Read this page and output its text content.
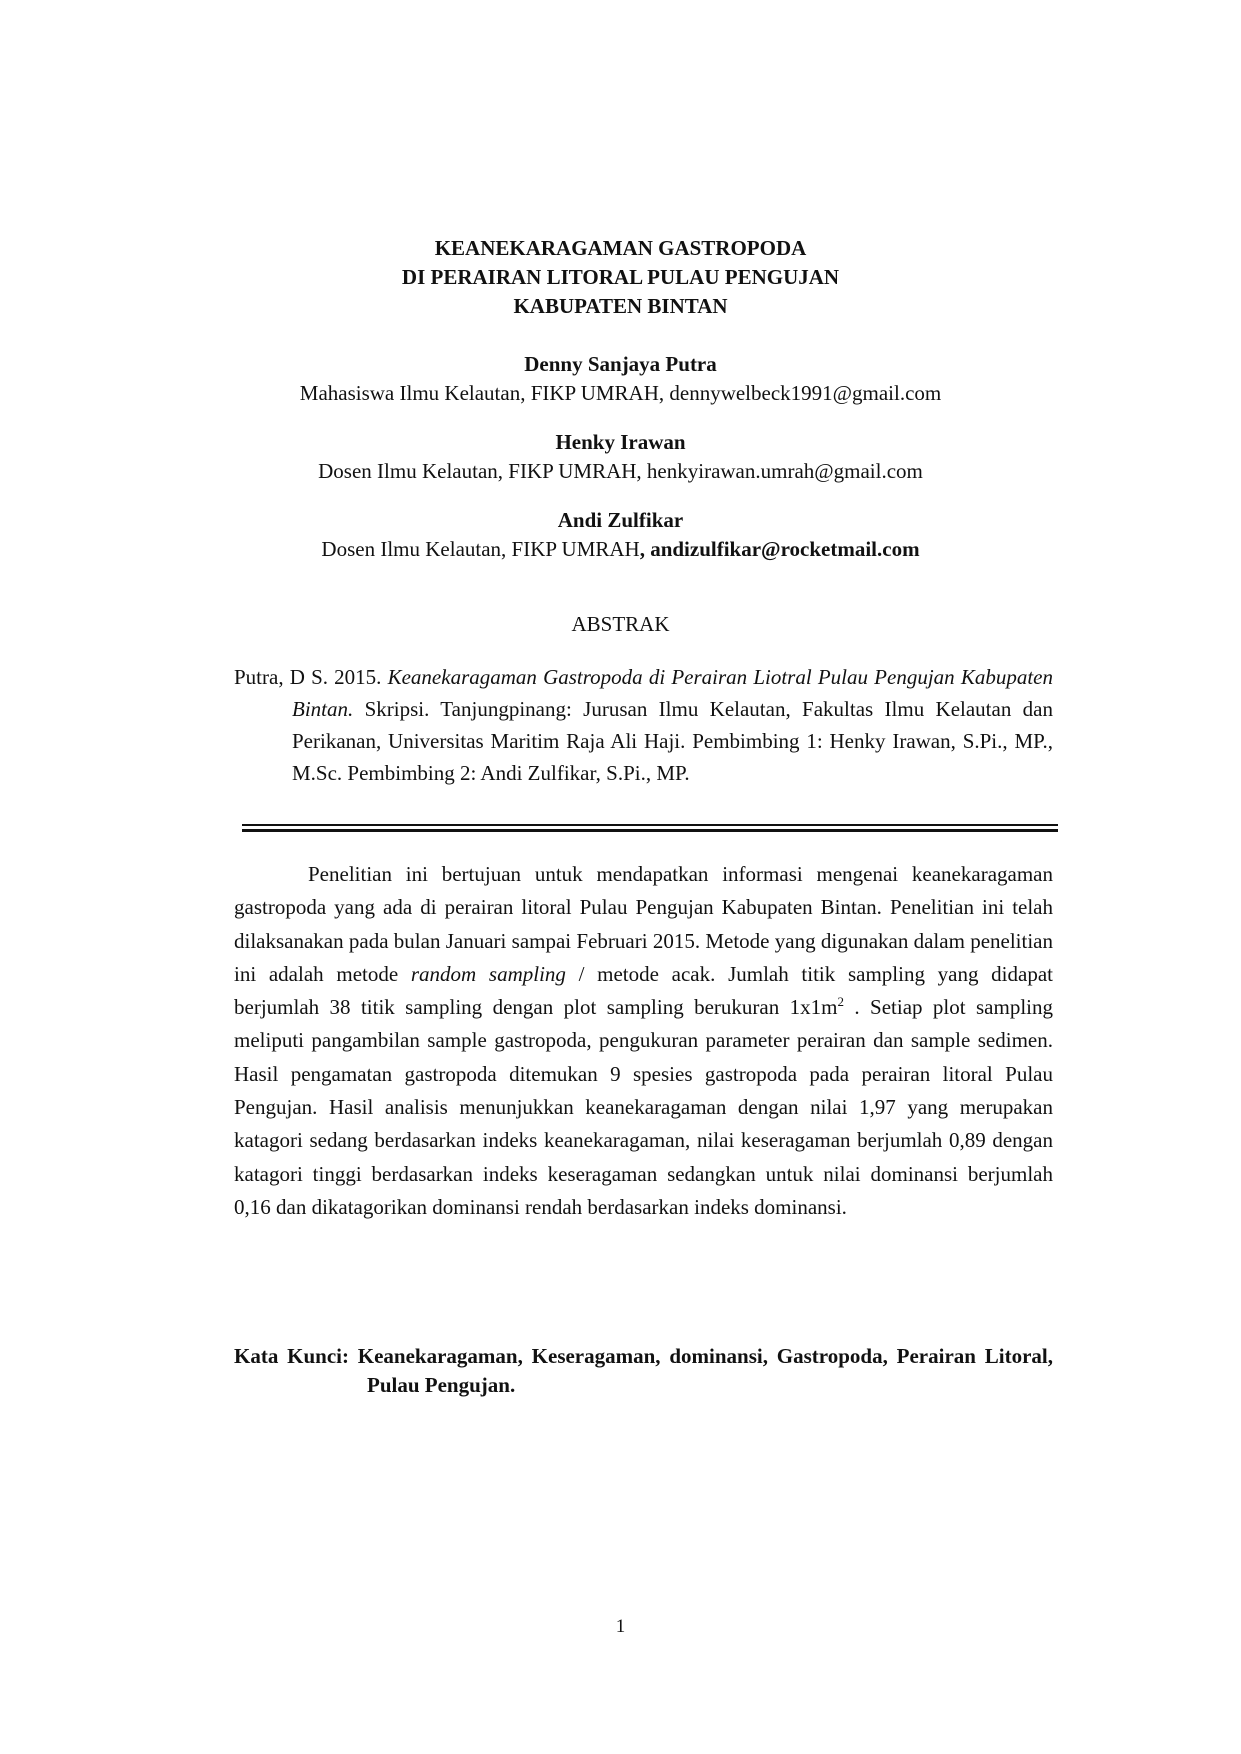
KEANEKARAGAMAN GASTROPODA
DI PERAIRAN LITORAL PULAU PENGUJAN
KABUPATEN BINTAN
Denny Sanjaya Putra
Mahasiswa Ilmu Kelautan, FIKP UMRAH, dennywelbeck1991@gmail.com
Henky Irawan
Dosen Ilmu Kelautan, FIKP UMRAH, henkyirawan.umrah@gmail.com
Andi Zulfikar
Dosen Ilmu Kelautan, FIKP UMRAH, andizulfikar@rocketmail.com
ABSTRAK
Putra, D S. 2015. Keanekaragaman Gastropoda di Perairan Liotral Pulau Pengujan Kabupaten Bintan. Skripsi. Tanjungpinang: Jurusan Ilmu Kelautan, Fakultas Ilmu Kelautan dan Perikanan, Universitas Maritim Raja Ali Haji. Pembimbing 1: Henky Irawan, S.Pi., MP., M.Sc. Pembimbing 2: Andi Zulfikar, S.Pi., MP.
Penelitian ini bertujuan untuk mendapatkan informasi mengenai keanekaragaman gastropoda yang ada di perairan litoral Pulau Pengujan Kabupaten Bintan. Penelitian ini telah dilaksanakan pada bulan Januari sampai Februari 2015. Metode yang digunakan dalam penelitian ini adalah metode random sampling / metode acak. Jumlah titik sampling yang didapat berjumlah 38 titik sampling dengan plot sampling berukuran $1x1m^2$ . Setiap plot sampling meliputi pangambilan sample gastropoda, pengukuran parameter perairan dan sample sedimen. Hasil pengamatan gastropoda ditemukan 9 spesies gastropoda pada perairan litoral Pulau Pengujan. Hasil analisis menunjukkan keanekaragaman dengan nilai 1,97 yang merupakan katagori sedang berdasarkan indeks keanekaragaman, nilai keseragaman berjumlah 0,89 dengan katagori tinggi berdasarkan indeks keseragaman sedangkan untuk nilai dominansi berjumlah 0,16 dan dikatagorikan dominansi rendah berdasarkan indeks dominansi.
Kata Kunci: Keanekaragaman, Keseragaman, dominansi, Gastropoda, Perairan Litoral, Pulau Pengujan.
1
